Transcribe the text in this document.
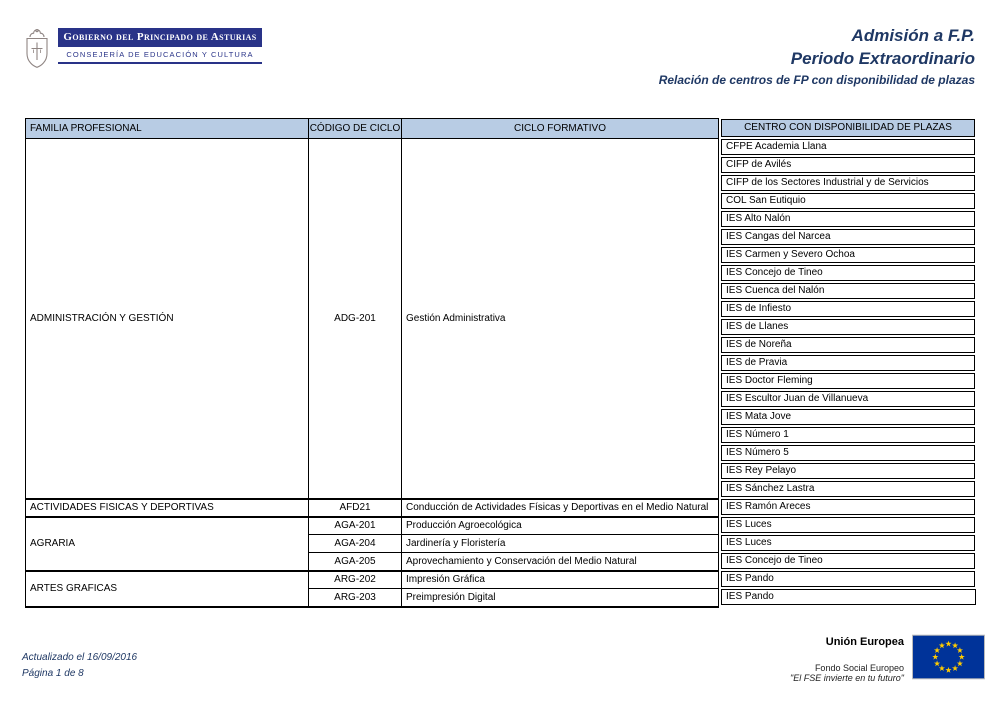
Gobierno del Principado de Asturias
CONSEJERÍA DE EDUCACIÓN Y CULTURA
Admisión a F.P.
Periodo Extraordinario
Relación de centros de FP con disponibilidad de plazas
FAMILIA PROFESIONAL	CÓDIGO DE CICLO	CICLO FORMATIVO	CENTRO CON DISPONIBILIDAD DE PLAZAS

ADMINISTRACIÓN Y GESTIÓN	ADG-201	Gestión Administrativa	CFPE Academia Llana

			CIFP de Avilés

			CIFP de los Sectores Industrial y de Servicios

			COL San Eutiquio

			IES Alto Nalón

			IES Cangas del Narcea

			IES Carmen y Severo Ochoa

			IES Concejo de Tineo

			IES Cuenca del Nalón

			IES de Infiesto

			IES de Llanes

			IES de Noreña

			IES de Pravia

			IES Doctor Fleming

			IES Escultor Juan de Villanueva

			IES Mata Jove

			IES Número 1

			IES Número 5

			IES Rey Pelayo

			IES Sánchez Lastra

ACTIVIDADES FISICAS Y DEPORTIVAS	AFD21	Conducción de Actividades Físicas y Deportivas en el Medio Natural	IES Ramón Areces

AGRARIA	AGA-201	Producción Agroecológica	IES Luces

	AGA-204	Jardinería y Floristería	IES Luces

	AGA-205	Aprovechamiento y Conservación del Medio Natural	IES Concejo de Tineo

ARTES GRAFICAS	ARG-202	Impresión Gráfica	IES Pando

	ARG-203	Preimpresión Digital	IES Pando
Actualizado el 16/09/2016
Página 1 de 8
Unión Europea
Fondo Social Europeo
"El FSE invierte en tu futuro"
